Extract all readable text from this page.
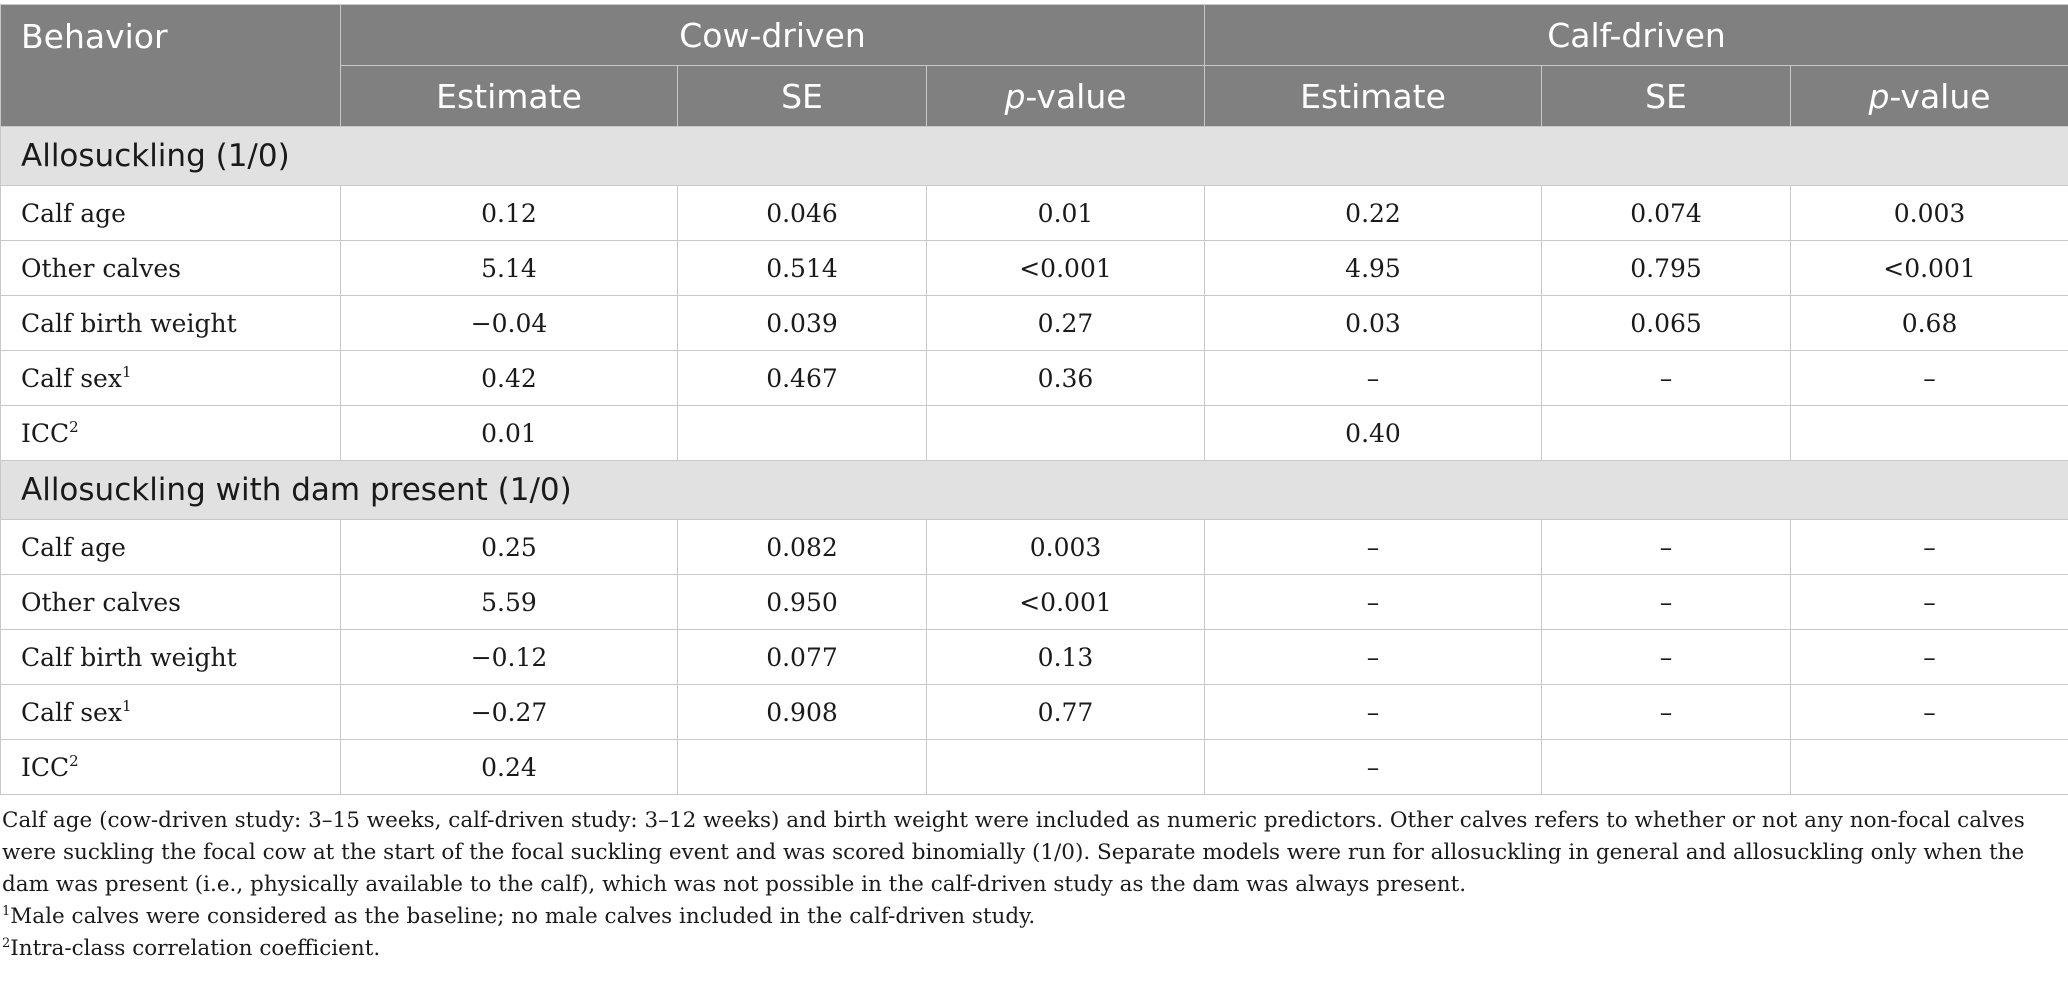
Behavior	Cow-driven			Calf-driven		
	Estimate	SE	p-value	Estimate	SE	p-value
Allosuckling (1/0)						
Calf age	0.12	0.046	0.01	0.22	0.074	0.003
Other calves	5.14	0.514	<0.001	4.95	0.795	<0.001
Calf birth weight	−0.04	0.039	0.27	0.03	0.065	0.68
Calf sex$^1$	0.42	0.467	0.36	–	–	–
ICC$^2$	0.01			0.40		
Allosuckling with dam present (1/0)						
Calf age	0.25	0.082	0.003	–	–	–
Other calves	5.59	0.950	<0.001	–	–	–
Calf birth weight	−0.12	0.077	0.13	–	–	–
Calf sex$^1$	−0.27	0.908	0.77	–	–	–
ICC$^2$	0.24			–		

Calf age (cow-driven study: 3–15 weeks, calf-driven study: 3–12 weeks) and birth weight were included as numeric predictors. Other calves refers to whether or not any non-focal calves were suckling the focal cow at the start of the focal suckling event and was scored binomially (1/0). Separate models were run for allosuckling in general and allosuckling only when the dam was present (i.e., physically available to the calf), which was not possible in the calf-driven study as the dam was always present.

$^1$Male calves were considered as the baseline; no male calves included in the calf-driven study.

$^2$Intra-class correlation coefficient.
